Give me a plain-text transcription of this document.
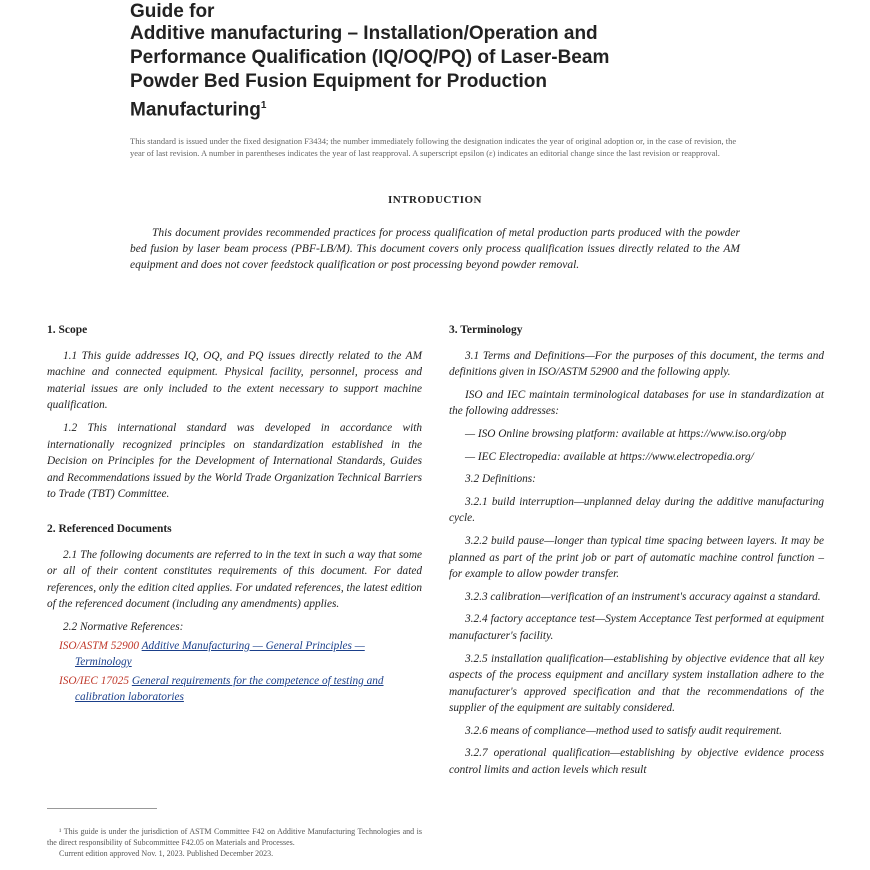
Guide for
Additive manufacturing – Installation/Operation and
Performance Qualification (IQ/OQ/PQ) of Laser-Beam
Powder Bed Fusion Equipment for Production
Manufacturing$^1$
This standard is issued under the fixed designation F3434; the number immediately following the designation indicates the year of original adoption or, in the case of revision, the year of last revision. A number in parentheses indicates the year of last reapproval. A superscript epsilon (ε) indicates an editorial change since the last revision or reapproval.
INTRODUCTION

This document provides recommended practices for process qualification of metal production parts produced with the powder bed fusion by laser beam process (PBF-LB/M). This document covers only process qualification issues directly related to the AM equipment and does not cover feedstock qualification or post processing beyond powder removal.

1. Scope

1.1 This guide addresses IQ, OQ, and PQ issues directly related to the AM machine and connected equipment. Physical facility, personnel, process and material issues are only included to the extent necessary to support machine qualification.

1.2 This international standard was developed in accordance with internationally recognized principles on standardization established in the Decision on Principles for the Development of International Standards, Guides and Recommendations issued by the World Trade Organization Technical Barriers to Trade (TBT) Committee.

2. Referenced Documents

2.1 The following documents are referred to in the text in such a way that some or all of their content constitutes requirements of this document. For dated references, only the edition cited applies. For undated references, the latest edition of the referenced document (including any amendments) applies.

2.2 Normative References:

ISO/ASTM 52900 Additive Manufacturing — General Principles — Terminology

ISO/IEC 17025 General requirements for the competence of testing and calibration laboratories

3. Terminology

3.1 Terms and Definitions—For the purposes of this document, the terms and definitions given in ISO/ASTM 52900 and the following apply.

ISO and IEC maintain terminological databases for use in standardization at the following addresses:

— ISO Online browsing platform: available at https://www.iso.org/obp

— IEC Electropedia: available at https://www.electropedia.org/

3.2 Definitions:

3.2.1 build interruption—unplanned delay during the additive manufacturing cycle.

3.2.2 build pause—longer than typical time spacing between layers. It may be planned as part of the print job or part of automatic machine control function – for example to allow powder transfer.

3.2.3 calibration—verification of an instrument's accuracy against a standard.

3.2.4 factory acceptance test—System Acceptance Test performed at equipment manufacturer's facility.

3.2.5 installation qualification—establishing by objective evidence that all key aspects of the process equipment and ancillary system installation adhere to the manufacturer's approved specification and that the recommendations of the supplier of the equipment are suitably considered.

3.2.6 means of compliance—method used to satisfy audit requirement.

3.2.7 operational qualification—establishing by objective evidence process control limits and action levels which result

¹ This guide is under the jurisdiction of ASTM Committee F42 on Additive Manufacturing Technologies and is the direct responsibility of Subcommittee F42.05 on Materials and Processes.

Current edition approved Nov. 1, 2023. Published December 2023.
